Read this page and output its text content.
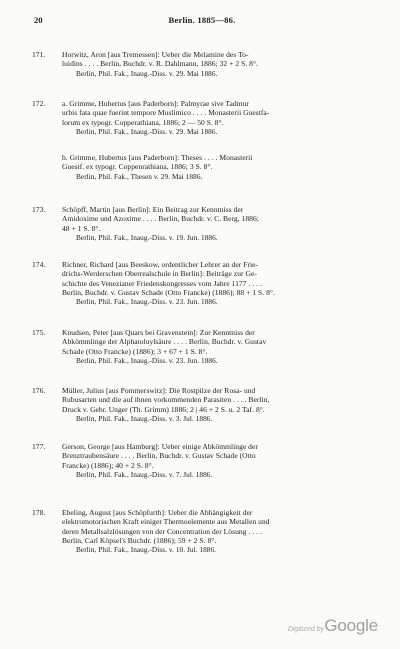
20	Berlin. 1885—86.
171. Horwitz, Aron [aus Tremessen]: Ueber die Melamine des To-
luidins . . . . Berlin, Buchdr. v. R. Dahlmann, 1886; 32 + 2 S. 8°.
Berlin, Phil. Fak., Inaug.-Diss. v. 29. Mai 1886.
172. a. Grimme, Hubertus [aus Paderborn]: Palmyrae sive Tadmur
urbis fata quae fuerint tempore Muslimico . . . . Monasterii Guestfa-
lorum ex typogr. Copperathiana, 1886; 2 — 50 S. 8°.
Berlin, Phil. Fak., Inaug.-Diss. v. 29. Mai 1886.
b. Grimme, Hubertus [aus Paderborn]: Theses . . . . Monasterii
Guestf. ex typogr. Coppenrathiana, 1886; 3 S. 8°.
Berlin, Phil. Fak., Thesen v. 29. Mai 1886.
173. Schöpff, Martin [aus Berlin]: Ein Beitrag zur Kenntniss der
Amidoxime und Azoxime . . . . Berlin, Buchdr. v. C. Berg, 1886;
48 + 1 S. 8°.
Berlin, Phil. Fak., Inaug.-Diss. v. 19. Jun. 1886.
174. Richner, Richard [aus Beeskow, ordentlicher Lehrer an der Frie-
drichs-Werderschen Oberrealschule in Berlin]: Beiträge zur Ge-
schichte des Venezianer Friedenskongresses vom Jahre 1177 . . . .
Berlin, Buchdr. v. Gustav Schade (Otto Francke) (1886); 88 + 1 S. 8°.
Berlin, Phil. Fak., Inaug.-Diss. v. 23. Jun. 1886.
175. Knudsen, Peter [aus Quars bei Gravenstein]: Zur Kenntniss der
Abkömmlinge der Alphatoluylsäure . . . . Berlin, Buchdr. v. Gustav
Schade (Otto Francke) (1886); 3 + 67 + 1 S. 8°.
Berlin, Phil. Fak., Inaug.-Diss. v. 23. Jun. 1886.
176. Müller, Julius [aus Pommerswitz]: Die Rostpilze der Rosa- und
Rubusarten und die auf ihnen vorkommenden Parasiten . . . . Berlin,
Druck v. Gebr. Unger (Th. Grimm) 1886; 2 | 46 + 2 S. u. 2 Taf. 8°.
Berlin, Phil. Fak., Inaug.-Diss. v. 3. Jul. 1886.
177. Gerson, George [aus Hamburg]: Ueber einige Abkömmlinge der
Brenztraubensäure . . . . Berlin, Buchdr. v. Gustav Schade (Otto
Francke) (1886); 40 + 2 S. 8°.
Berlin, Phil. Fak., Inaug.-Diss. v. 7. Jul. 1886.
178. Ebeling, August [aus Schöpfurth]: Ueber die Abhängigkeit der
elektromotorischen Kraft einiger Thermoelemente aus Metallen und
deren Metallsalzlösungen von der Concentration der Lösung . . . .
Berlin, Carl Köpsel's Buchdr. (1886); 59 + 2 S. 8°.
Berlin, Phil. Fak., Inaug.-Diss. v. 10. Jul. 1886.
Digitized by Google
